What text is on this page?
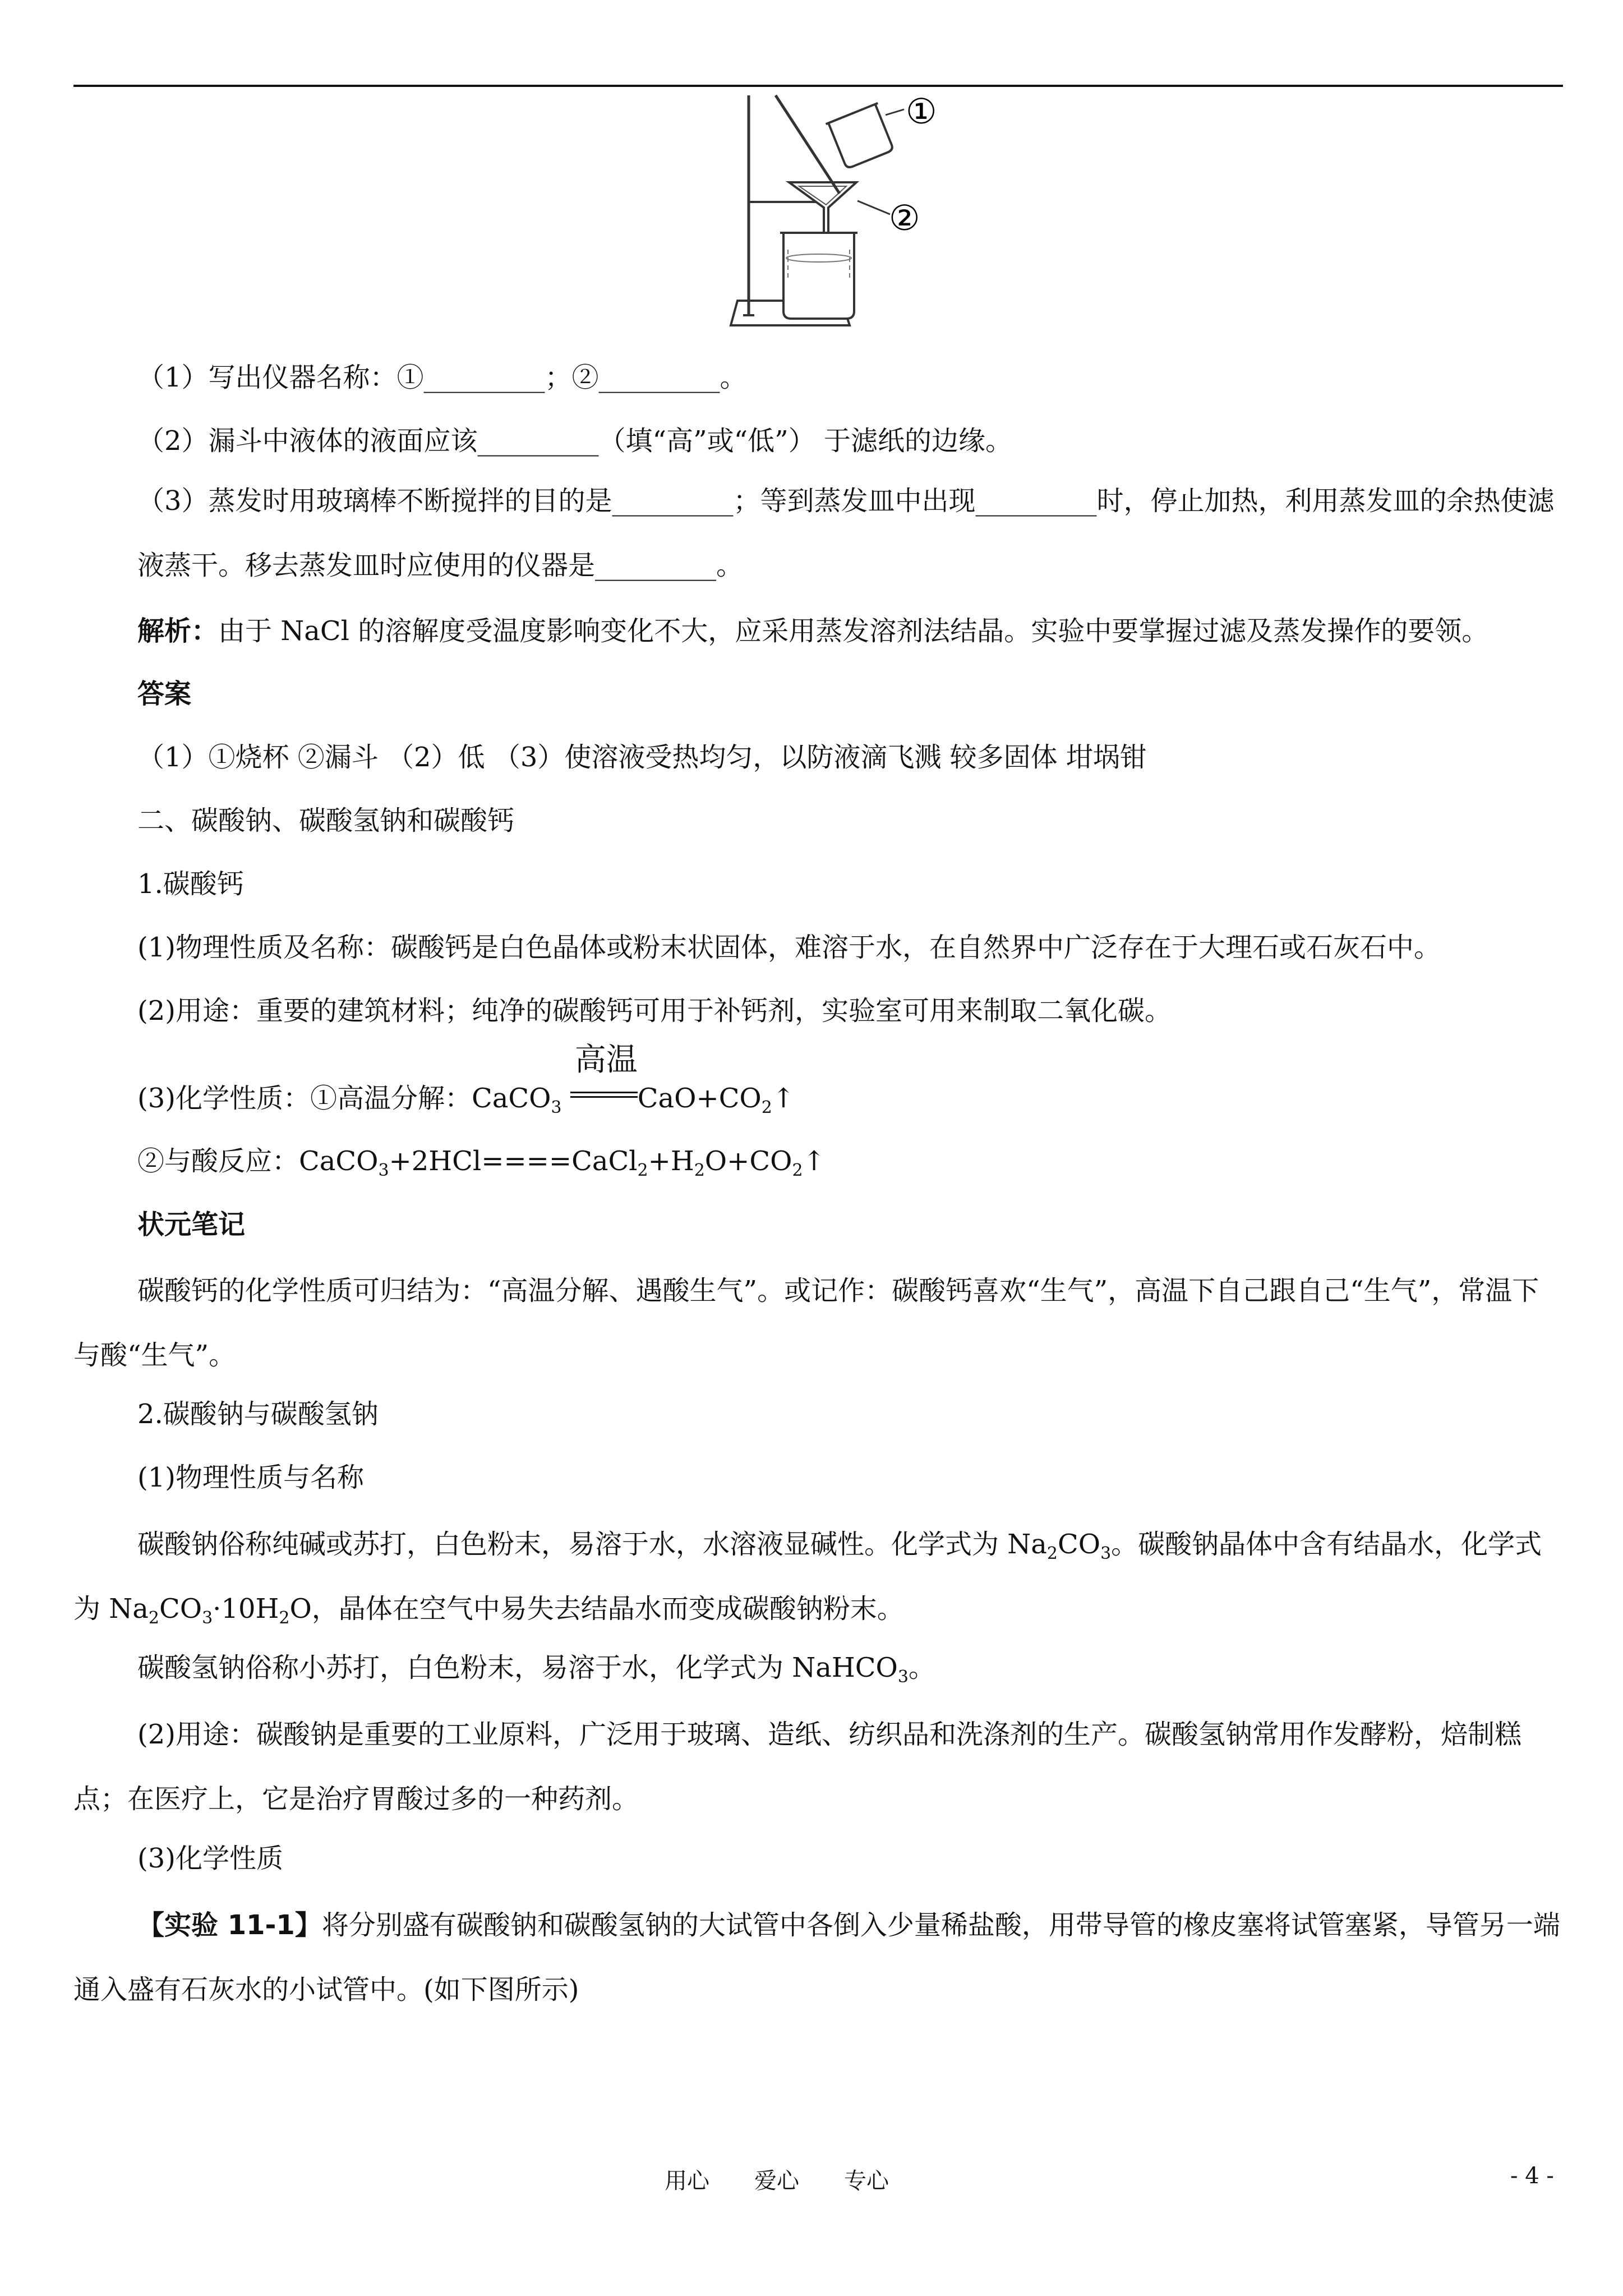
①
②
（1）写出仪器名称：①_________；②_________。
（2）漏斗中液体的液面应该_________（填“高”或“低”） 于滤纸的边缘。
（3）蒸发时用玻璃棒不断搅拌的目的是_________；等到蒸发皿中出现_________时，停止加热，利用蒸发皿的余热使滤液蒸干。移去蒸发皿时应使用的仪器是_________。
解析：由于 NaCl 的溶解度受温度影响变化不大，应采用蒸发溶剂法结晶。实验中要掌握过滤及蒸发操作的要领。
答案
（1）①烧杯 ②漏斗 （2）低 （3）使溶液受热均匀，以防液滴飞溅 较多固体 坩埚钳
二、碳酸钠、碳酸氢钠和碳酸钙
1.碳酸钙
(1)物理性质及名称：碳酸钙是白色晶体或粉末状固体，难溶于水，在自然界中广泛存在于大理石或石灰石中。
(2)用途：重要的建筑材料；纯净的碳酸钙可用于补钙剂，实验室可用来制取二氧化碳。
(3)化学性质：①高温分解：CaCO$_3$
高温
$CaO+CO_2↑$
②与酸反应：$CaCO_3+2HCl====CaCl_2+H_2O+CO_2↑$
状元笔记
碳酸钙的化学性质可归结为：“高温分解、遇酸生气”。或记作：碳酸钙喜欢“生气”，高温下自己跟自己“生气”，常温下与酸“生气”。
2.碳酸钠与碳酸氢钠
(1)物理性质与名称
碳酸钠俗称纯碱或苏打，白色粉末，易溶于水，水溶液显碱性。化学式为 $Na_2CO_3$。碳酸钠晶体中含有结晶水，化学式为 $Na_2CO_3\cdot 10H_2O$，晶体在空气中易失去结晶水而变成碳酸钠粉末。
碳酸氢钠俗称小苏打，白色粉末，易溶于水，化学式为 NaHCO$_3$。
(2)用途：碳酸钠是重要的工业原料，广泛用于玻璃、造纸、纺织品和洗涤剂的生产。碳酸氢钠常用作发酵粉，焙制糕点；在医疗上，它是治疗胃酸过多的一种药剂。
(3)化学性质
【实验 11-1】将分别盛有碳酸钠和碳酸氢钠的大试管中各倒入少量稀盐酸，用带导管的橡皮塞将试管塞紧，导管另一端通入盛有石灰水的小试管中。(如下图所示)
用心　　爱心　　专心	- 4 -
